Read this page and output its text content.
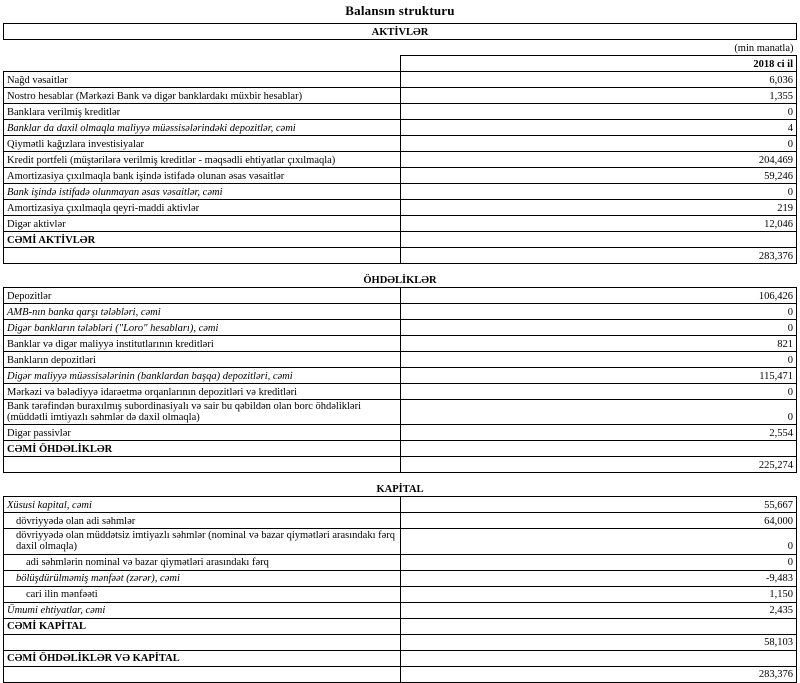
Balansın strukturu
AKTİVLƏR	
	(min manatla)
	2018 ci il
Nağd vəsaitlər	6,036
Nostro hesablar (Mərkəzi Bank və digər banklardakı müxbir hesablar)	1,355
Banklara verilmiş kreditlər	0
Banklar da daxil olmaqla maliyyə müəssisələrindəki depozitlər, cəmi	4
Qiymətli kağızlara investisiyalar	0
Kredit portfeli (müştərilərə verilmiş kreditlər - məqsədli ehtiyatlar çıxılmaqla)	204,469
Amortizasiya çıxılmaqla bank işində istifadə olunan əsas vəsaitlər	59,246
Bank işində istifadə olunmayan əsas vəsaitlər, cəmi	0
Amortizasiya çıxılmaqla qeyri-maddi aktivlər	219
Digər aktivlər	12,046
CƏMİ AKTİVLƏR	
	283,376
ÖHDƏLİKLƏR	
Depozitlər	106,426
AMB-nın banka qarşı tələbləri, cəmi	0
Digər bankların tələbləri ("Loro" hesabları), cəmi	0
Banklar və digər maliyyə institutlarının kreditləri	821
Bankların depozitləri	0
Digər maliyyə müəssisələrinin (banklardan başqa) depozitləri, cəmi	115,471
Mərkəzi və bələdiyyə idarəetmə orqanlarının depozitləri və kreditləri	0
Bank tərəfindən buraxılmış subordinasiyalı və sair bu qəbildən olan borc öhdəlikləri (müddətli imtiyazlı səhmlər də daxil olmaqla)	0
Digər passivlər	2,554
CƏMİ ÖHDƏLİKLƏR	
	225,274
KAPİTAL	
Xüsusi kapital, cəmi	55,667
dövriyyədə olan adi səhmlər	64,000
dövriyyədə olan müddətsiz imtiyazlı səhmlər (nominal və bazar qiymətləri arasındakı fərq daxil olmaqla)	0
adi səhmlərin nominal və bazar qiymətləri arasındakı fərq	0
bölüşdürülməmiş mənfəət (zərər), cəmi	-9,483
cari ilin mənfəəti	1,150
Ümumi ehtiyatlar, cəmi	2,435
CƏMİ KAPİTAL	
	58,103
CƏMİ ÖHDƏLİKLƏR VƏ KAPİTAL	
	283,376
